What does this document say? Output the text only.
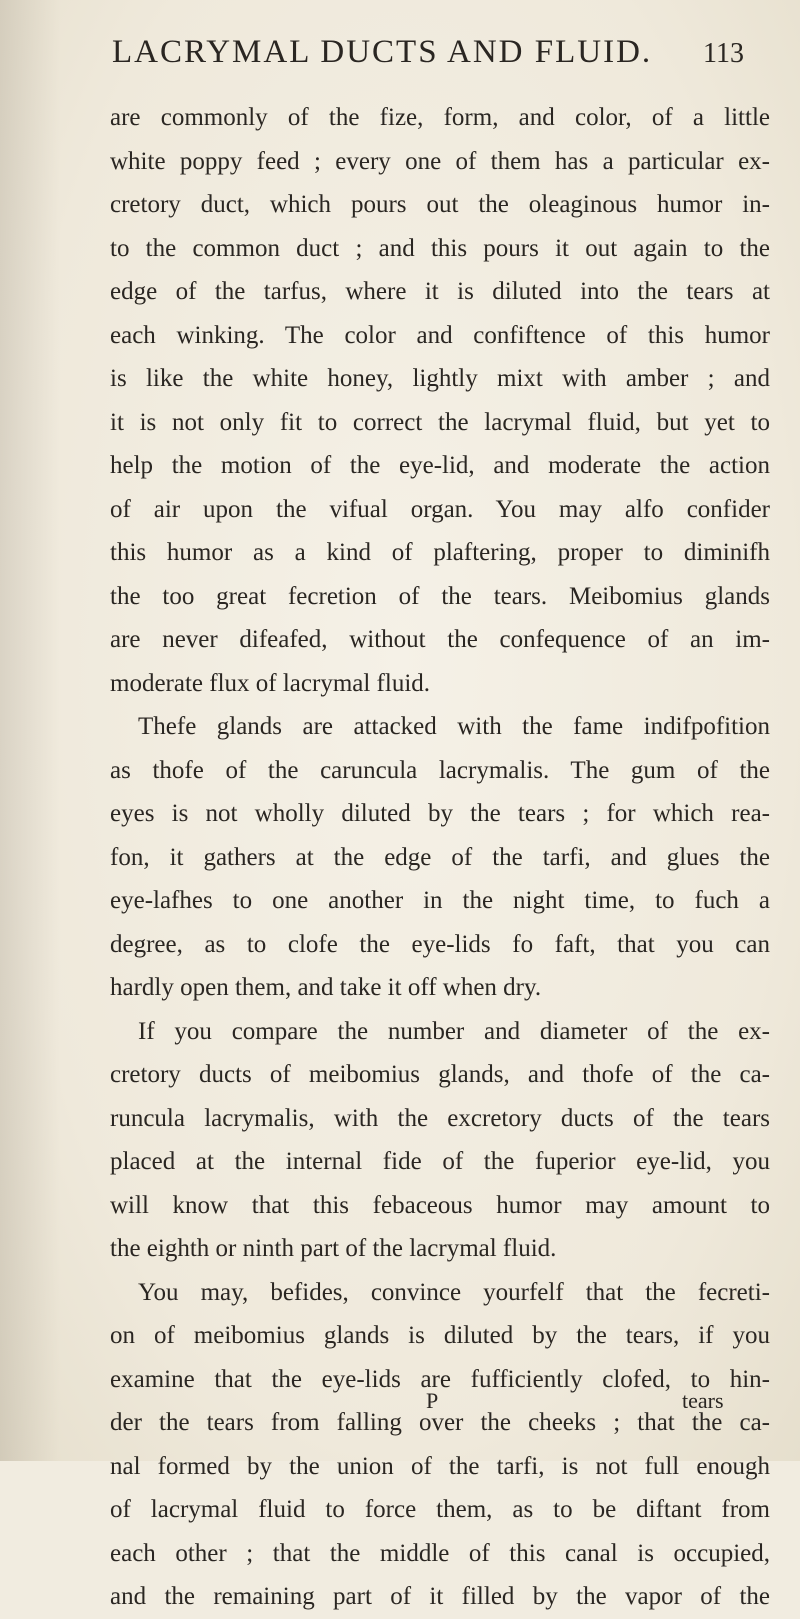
LACRYMAL DUCTS AND FLUID. 113
are commonly of the fize, form, and color, of a little
white poppy feed ; every one of them has a particular ex-
cretory duct, which pours out the oleaginous humor in-
to the common duct ; and this pours it out again to the
edge of the tarfus, where it is diluted into the tears at
each winking. The color and confiftence of this humor
is like the white honey, lightly mixt with amber ; and
it is not only fit to correct the lacrymal fluid, but yet to
help the motion of the eye-lid, and moderate the action
of air upon the vifual organ. You may alfo confider
this humor as a kind of plaftering, proper to diminifh
the too great fecretion of the tears. Meibomius glands
are never difeafed, without the confequence of an im-
moderate flux of lacrymal fluid.
Thefe glands are attacked with the fame indifpofition
as thofe of the caruncula lacrymalis. The gum of the
eyes is not wholly diluted by the tears ; for which rea-
fon, it gathers at the edge of the tarfi, and glues the
eye-lafhes to one another in the night time, to fuch a
degree, as to clofe the eye-lids fo faft, that you can
hardly open them, and take it off when dry.
If you compare the number and diameter of the ex-
cretory ducts of meibomius glands, and thofe of the ca-
runcula lacrymalis, with the excretory ducts of the tears
placed at the internal fide of the fuperior eye-lid, you
will know that this febaceous humor may amount to
the eighth or ninth part of the lacrymal fluid.
You may, befides, convince yourfelf that the fecreti-
on of meibomius glands is diluted by the tears, if you
examine that the eye-lids are fufficiently clofed, to hin-
der the tears from falling over the cheeks ; that the ca-
nal formed by the union of the tarfi, is not full enough
of lacrymal fluid to force them, as to be diftant from
each other ; that the middle of this canal is occupied,
and the remaining part of it filled by the vapor of the
P	tears
